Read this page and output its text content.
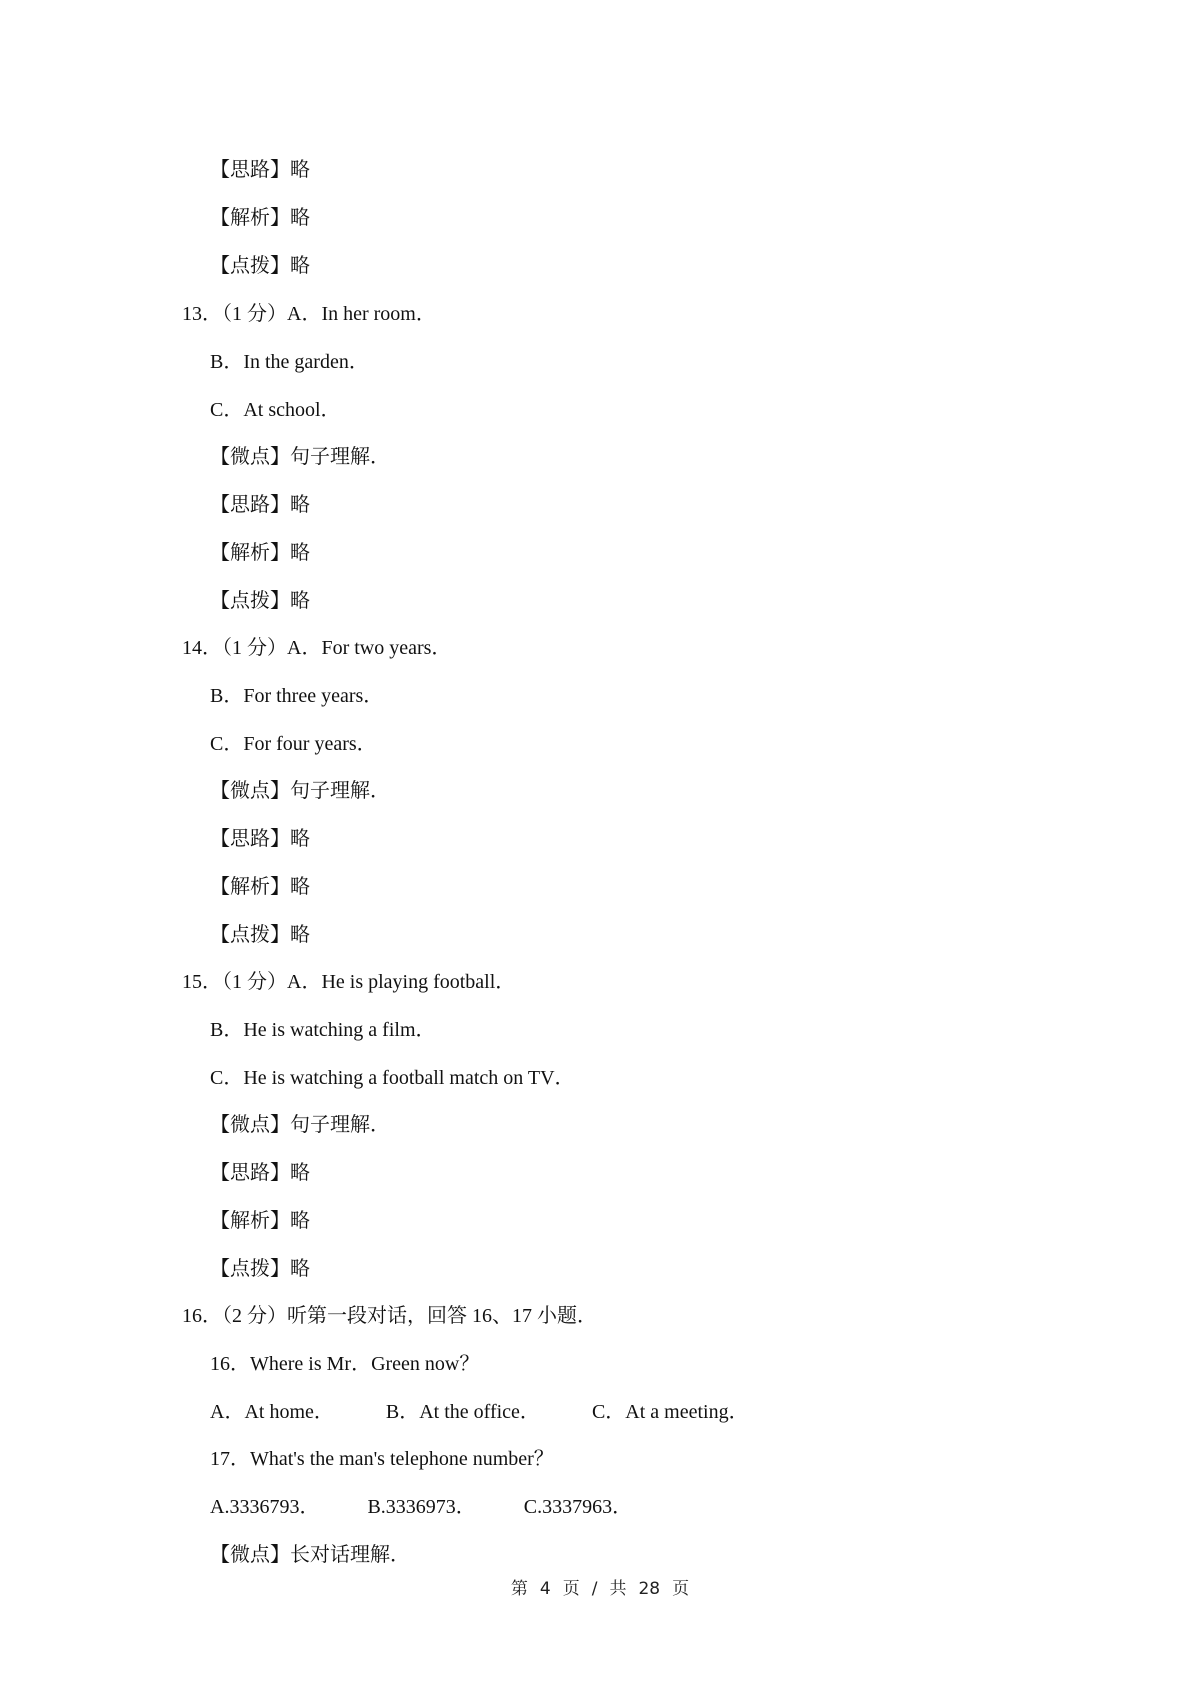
【思路】略
【解析】略
【点拨】略
13．（1 分）A．In her room．
B．In the garden．
C．At school．
【微点】句子理解．
【思路】略
【解析】略
【点拨】略
14．（1 分）A．For two years．
B．For three years．
C．For four years．
【微点】句子理解．
【思路】略
【解析】略
【点拨】略
15．（1 分）A．He is playing football．
B．He is watching a film．
C．He is watching a football match on TV．
【微点】句子理解．
【思路】略
【解析】略
【点拨】略
16．（2 分）听第一段对话，回答 16、17 小题．
16．Where is Mr．Green now？
A．At home．	B．At the office．	C．At a meeting．
17．What's the man's telephone number？
A.3336793． B.3336973． C.3337963．
【微点】长对话理解．
第 4 页 / 共 28 页
